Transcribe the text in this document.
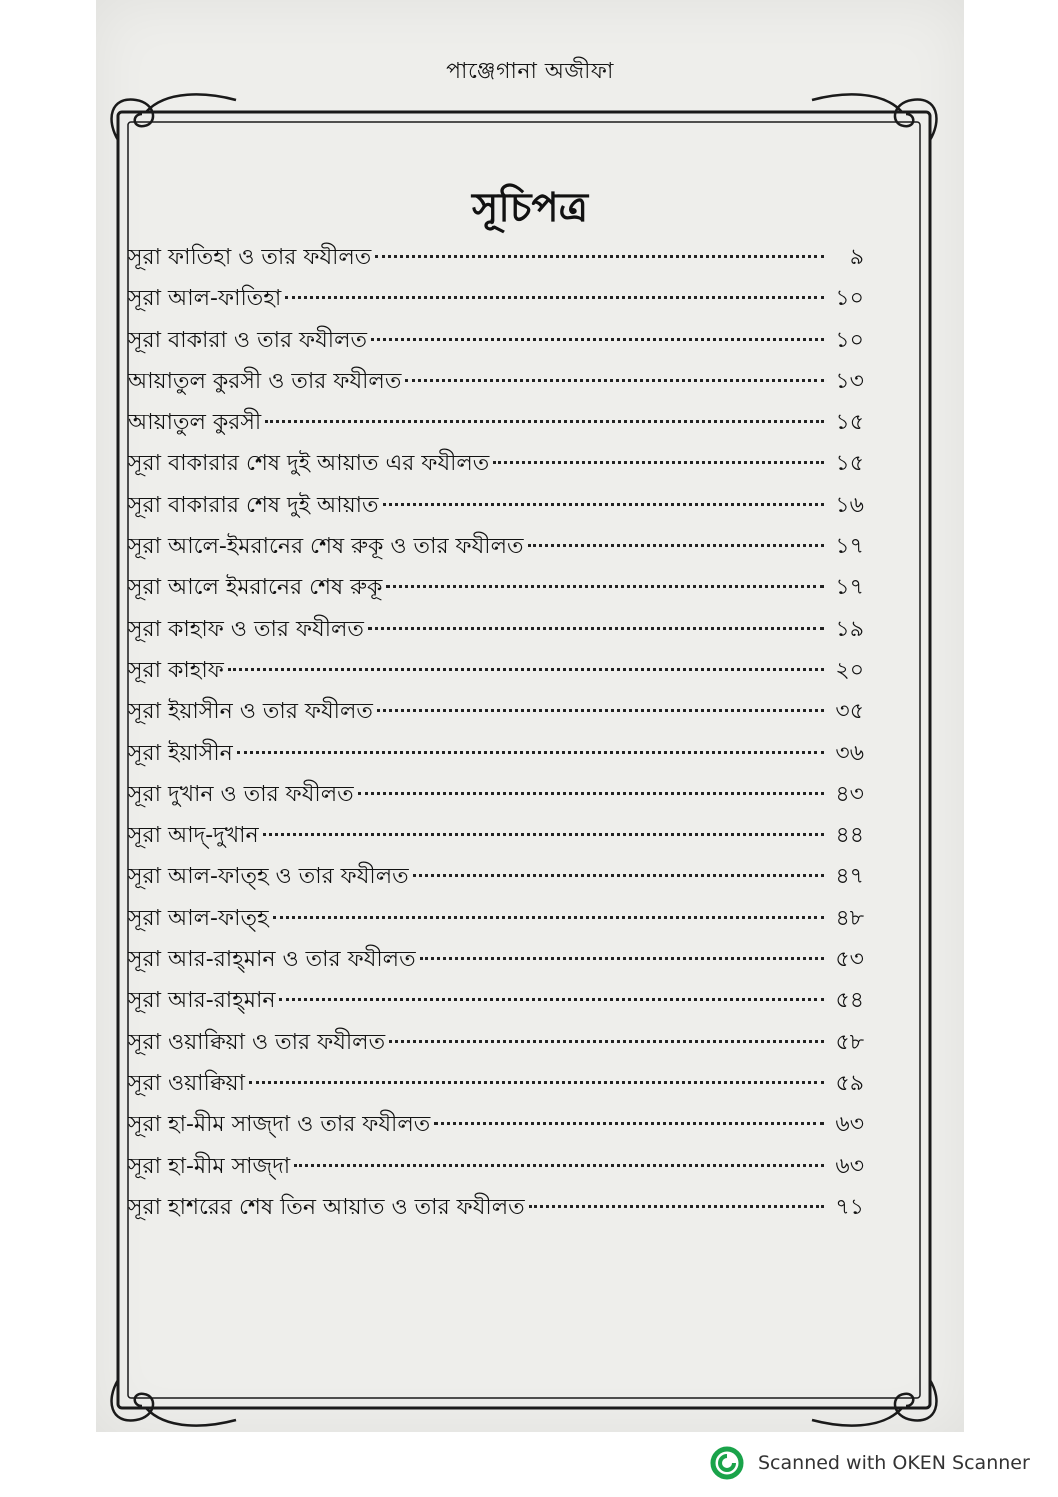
পাঞ্জেগানা অজীফা
সূচিপত্র
সূরা ফাতিহা ও তার ফযীলত	৯
সূরা আল-ফাতিহা	১০
সূরা বাকারা ও তার ফযীলত	১০
আয়াতুল কুরসী ও তার ফযীলত	১৩
আয়াতুল কুরসী	১৫
সূরা বাকারার শেষ দুই আয়াত এর ফযীলত	১৫
সূরা বাকারার শেষ দুই আয়াত	১৬
সূরা আলে-ইমরানের শেষ রুকূ ও তার ফযীলত	১৭
সূরা আলে ইমরানের শেষ রুকূ	১৭
সূরা কাহাফ ও তার ফযীলত	১৯
সূরা কাহাফ	২০
সূরা ইয়াসীন ও তার ফযীলত	৩৫
সূরা ইয়াসীন	৩৬
সূরা দুখান ও তার ফযীলত	৪৩
সূরা আদ্-দুখান	৪৪
সূরা আল-ফাত্‌হ ও তার ফযীলত	৪৭
সূরা আল-ফাত্‌হ	৪৮
সূরা আর-রাহ্‌মান ও তার ফযীলত	৫৩
সূরা আর-রাহ্‌মান	৫৪
সূরা ওয়াক্বিয়া ও তার ফযীলত	৫৮
সূরা ওয়াক্বিয়া	৫৯
সূরা হা-মীম সাজ্‌দা ও তার ফযীলত	৬৩
সূরা হা-মীম সাজ্‌দা	৬৩
সূরা হাশরের শেষ তিন আয়াত ও তার ফযীলত	৭১
Scanned with OKEN Scanner
